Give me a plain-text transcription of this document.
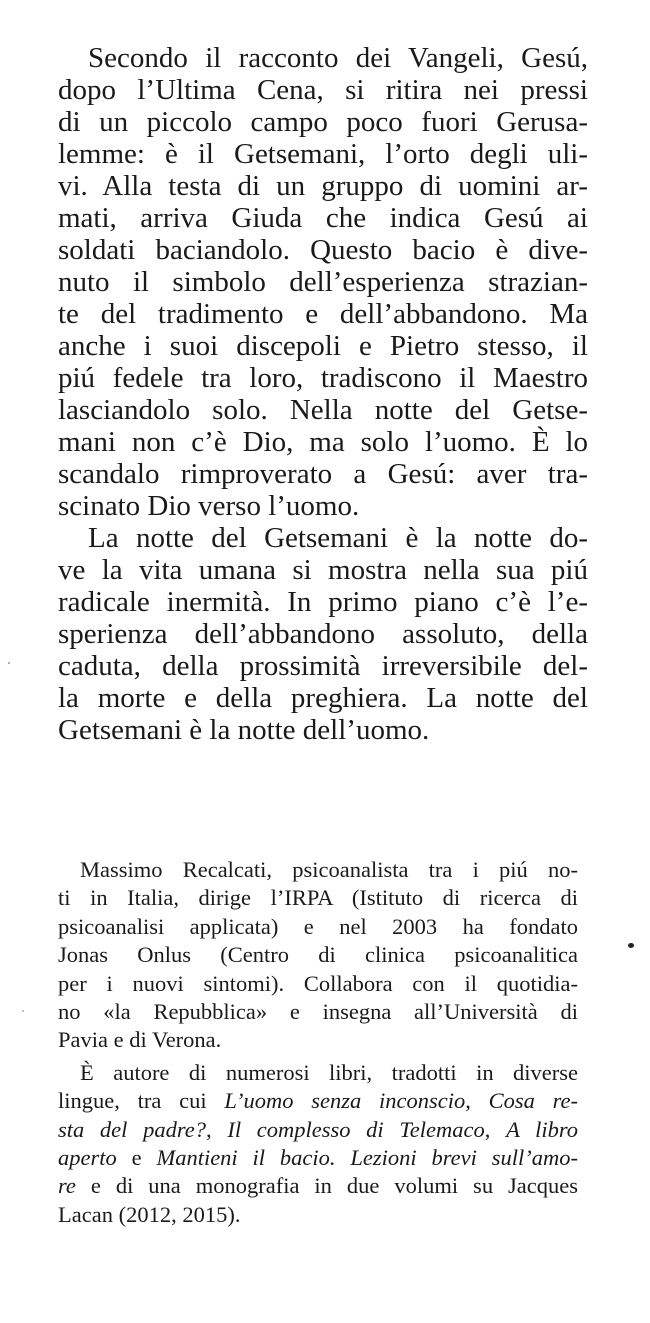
Secondo il racconto dei Vangeli, Gesú,
dopo l’Ultima Cena, si ritira nei pressi
di un piccolo campo poco fuori Gerusa-
lemme: è il Getsemani, l’orto degli uli-
vi. Alla testa di un gruppo di uomini ar-
mati, arriva Giuda che indica Gesú ai
soldati baciandolo. Questo bacio è dive-
nuto il simbolo dell’esperienza strazian-
te del tradimento e dell’abbandono. Ma
anche i suoi discepoli e Pietro stesso, il
piú fedele tra loro, tradiscono il Maestro
lasciandolo solo. Nella notte del Getse-
mani non c’è Dio, ma solo l’uomo. È lo
scandalo rimproverato a Gesú: aver tra-
scinato Dio verso l’uomo.
La notte del Getsemani è la notte do-
ve la vita umana si mostra nella sua piú
radicale inermità. In primo piano c’è l’e-
sperienza dell’abbandono assoluto, della
caduta, della prossimità irreversibile del-
la morte e della preghiera. La notte del
Getsemani è la notte dell’uomo.
Massimo Recalcati, psicoanalista tra i piú no-
ti in Italia, dirige l’IRPA (Istituto di ricerca di
psicoanalisi applicata) e nel 2003 ha fondato
Jonas Onlus (Centro di clinica psicoanalitica
per i nuovi sintomi). Collabora con il quotidia-
no «la Repubblica» e insegna all’Università di
Pavia e di Verona.
È autore di numerosi libri, tradotti in diverse
lingue, tra cui L’uomo senza inconscio, Cosa re-
sta del padre?, Il complesso di Telemaco, A libro
aperto e Mantieni il bacio. Lezioni brevi sull’amo-
re e di una monografia in due volumi su Jacques
Lacan (2012, 2015).
